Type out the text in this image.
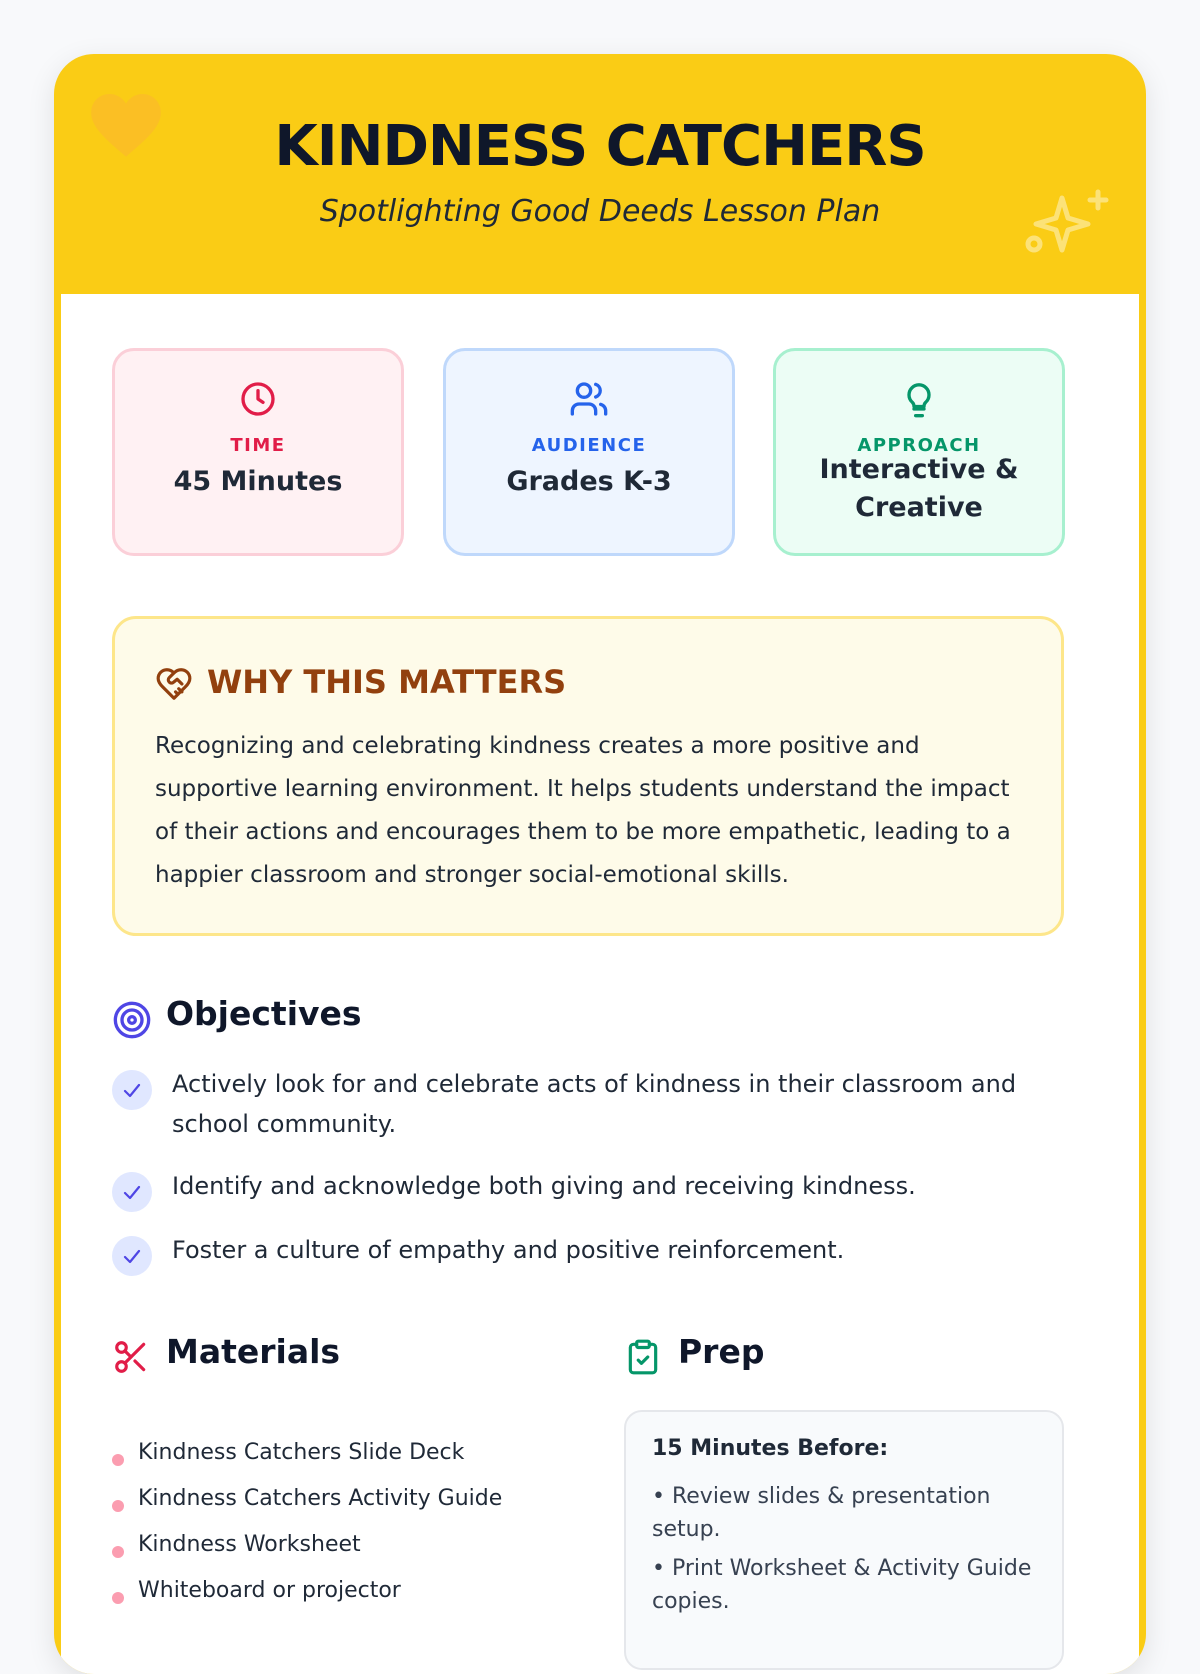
KINDNESS CATCHERS
Spotlighting Good Deeds Lesson Plan
TIME
45 Minutes
AUDIENCE
Grades K-3
APPROACH
Interactive & Creative
WHY THIS MATTERS
Recognizing and celebrating kindness creates a more positive and supportive learning environment. It helps students understand the impact of their actions and encourages them to be more empathetic, leading to a happier classroom and stronger social-emotional skills.
Objectives
Actively look for and celebrate acts of kindness in their classroom and school community.
Identify and acknowledge both giving and receiving kindness.
Foster a culture of empathy and positive reinforcement.
Materials
Kindness Catchers Slide Deck
Kindness Catchers Activity Guide
Kindness Worksheet
Whiteboard or projector
Prep
15 Minutes Before:
• Review slides & presentation setup.
• Print Worksheet & Activity Guide copies.
